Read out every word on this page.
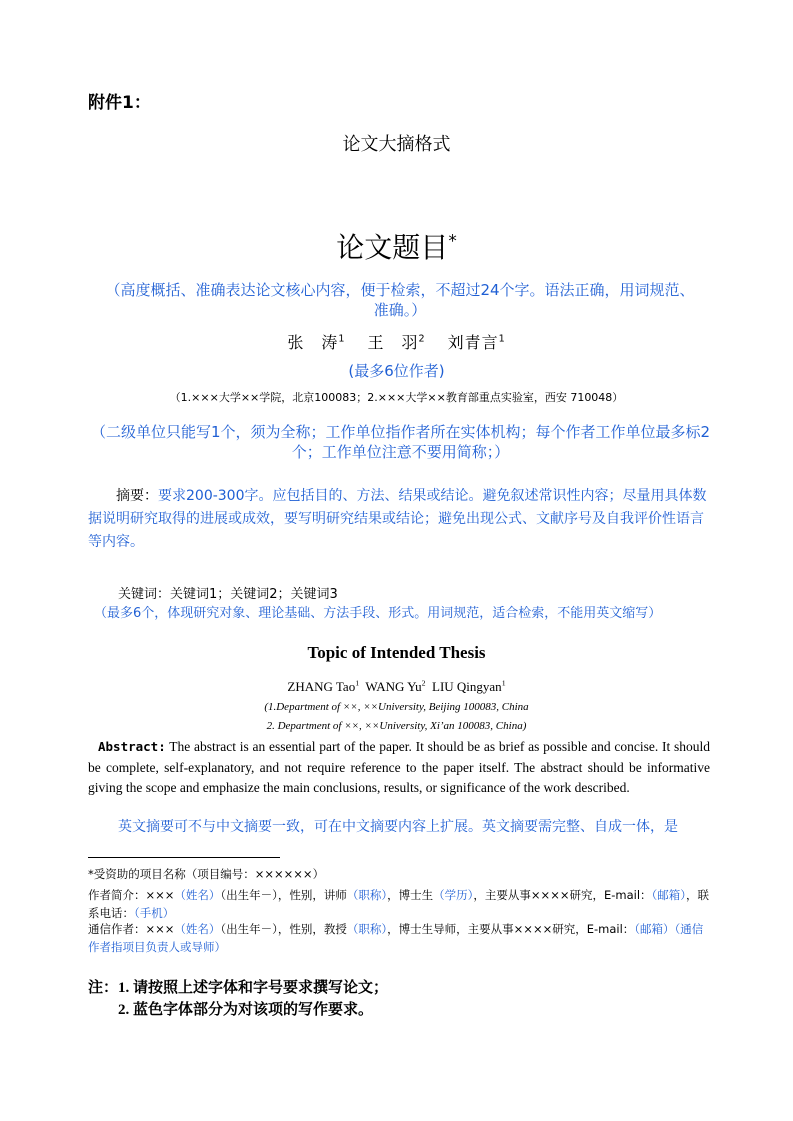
附件1：

论文大摘格式

论文题目*

（高度概括、准确表达论文核心内容，便于检索，不超过24个字。语法正确，用词规范、准确。）

张　涛$^1$ 王　羽$^2$ 刘青言$^1$

(最多6位作者)

（1.×××大学××学院，北京100083；2.×××大学××教育部重点实验室，西安 710048）

（二级单位只能写1个，须为全称；工作单位指作者所在实体机构；每个作者工作单位最多标2个；工作单位注意不要用简称；）

摘要：要求200-300字。应包括目的、方法、结果或结论。避免叙述常识性内容；尽量用具体数据说明研究取得的进展或成效，要写明研究结果或结论；避免出现公式、文献序号及自我评价性语言等内容。

关键词：关键词1；关键词2；关键词3

（最多6个，体现研究对象、理论基础、方法手段、形式。用词规范，适合检索，不能用英文缩写）

Topic of Intended Thesis

ZHANG Tao$^1$ WANG Yu$^2$ LIU Qingyan$^1$

(1.Department of ××, ××University, Beijing 100083, China

2. Department of ××, ××University, Xi’an 100083, China)

Abstract: The abstract is an essential part of the paper. It should be as brief as possible and concise. It should be complete, self-explanatory, and not require reference to the paper itself. The abstract should be informative giving the scope and emphasize the main conclusions, results, or significance of the work described.

英文摘要可不与中文摘要一致，可在中文摘要内容上扩展。英文摘要需完整、自成一体，是

*受资助的项目名称（项目编号：××××××）

作者简介：×××（姓名）（出生年－），性别，讲师（职称），博士生（学历），主要从事××××研究，E-mail：（邮箱），联系电话：（手机）

通信作者：×××（姓名）（出生年－），性别，教授（职称），博士生导师，主要从事××××研究，E-mail：（邮箱）（通信作者指项目负责人或导师）

注：1. 请按照上述字体和字号要求撰写论文；

2. 蓝色字体部分为对该项的写作要求。
